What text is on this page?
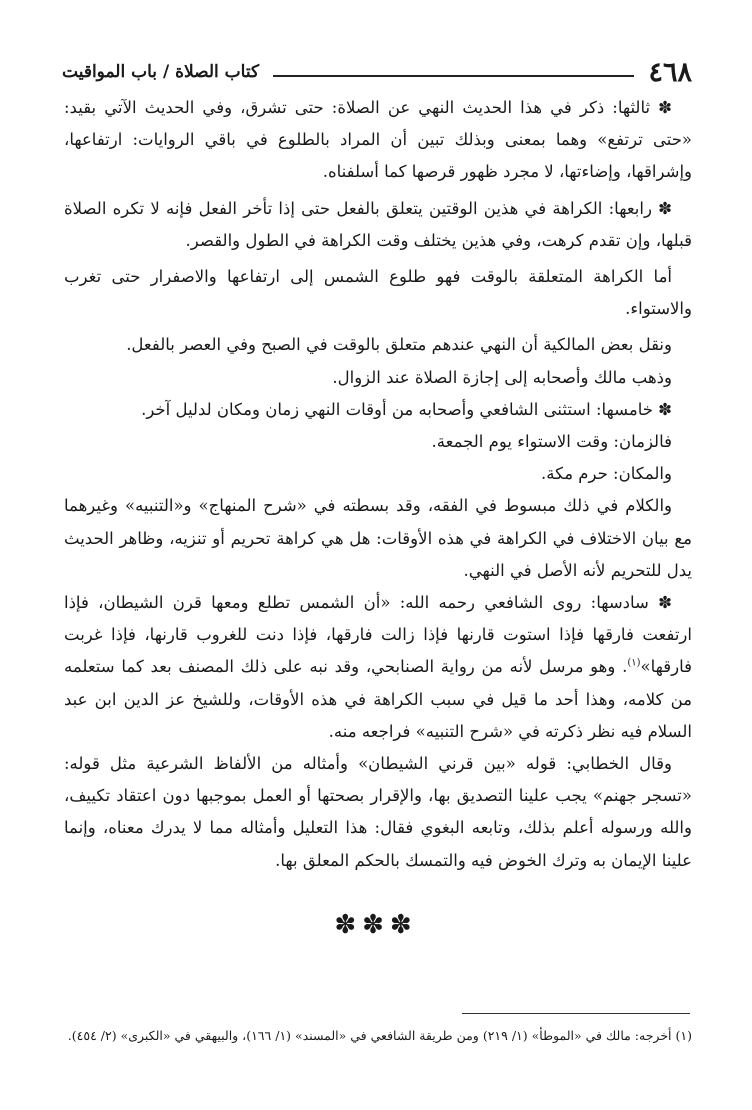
٤٦٨
كتاب الصلاة / باب المواقيت

✽ ثالثها: ذكر في هذا الحديث النهي عن الصلاة: حتى تشرق، وفي الحديث الآتي بقيد: «حتى ترتفع» وهما بمعنى وبذلك تبين أن المراد بالطلوع في باقي الروايات: ارتفاعها، وإشراقها، وإضاءتها، لا مجرد ظهور قرصها كما أسلفناه.

✽ رابعها: الكراهة في هذين الوقتين يتعلق بالفعل حتى إذا تأخر الفعل فإنه لا تكره الصلاة قبلها، وإن تقدم كرهت، وفي هذين يختلف وقت الكراهة في الطول والقصر.

أما الكراهة المتعلقة بالوقت فهو طلوع الشمس إلى ارتفاعها والاصفرار حتى تغرب والاستواء.

ونقل بعض المالكية أن النهي عندهم متعلق بالوقت في الصبح وفي العصر بالفعل.

وذهب مالك وأصحابه إلى إجازة الصلاة عند الزوال.

✽ خامسها: استثنى الشافعي وأصحابه من أوقات النهي زمان ومكان لدليل آخر.

فالزمان: وقت الاستواء يوم الجمعة.

والمكان: حرم مكة.

والكلام في ذلك مبسوط في الفقه، وقد بسطته في «شرح المنهاج» و«التنبيه» وغيرهما مع بيان الاختلاف في الكراهة في هذه الأوقات: هل هي كراهة تحريم أو تنزيه، وظاهر الحديث يدل للتحريم لأنه الأصل في النهي.

✽ سادسها: روى الشافعي رحمه الله: «أن الشمس تطلع ومعها قرن الشيطان، فإذا ارتفعت فارقها فإذا استوت قارنها فإذا زالت فارقها، فإذا دنت للغروب قارنها، فإذا غربت فارقها»$^{(١)}$. وهو مرسل لأنه من رواية الصنابحي، وقد نبه على ذلك المصنف بعد كما ستعلمه من كلامه، وهذا أحد ما قيل في سبب الكراهة في هذه الأوقات، وللشيخ عز الدين ابن عبد السلام فيه نظر ذكرته في «شرح التنبيه» فراجعه منه.

وقال الخطابي: قوله «بين قرني الشيطان» وأمثاله من الألفاظ الشرعية مثل قوله: «تسجر جهنم» يجب علينا التصديق بها، والإقرار بصحتها أو العمل بموجبها دون اعتقاد تكييف، والله ورسوله أعلم بذلك، وتابعه البغوي فقال: هذا التعليل وأمثاله مما لا يدرك معناه، وإنما علينا الإيمان به وترك الخوض فيه والتمسك بالحكم المعلق بها.

✽✽✽
(١) أخرجه: مالك في «الموطأ» (١/ ٢١٩) ومن طريقة الشافعي في «المسند» (١/ ١٦٦)، والبيهقي في «الكبرى» (٢/ ٤٥٤).
